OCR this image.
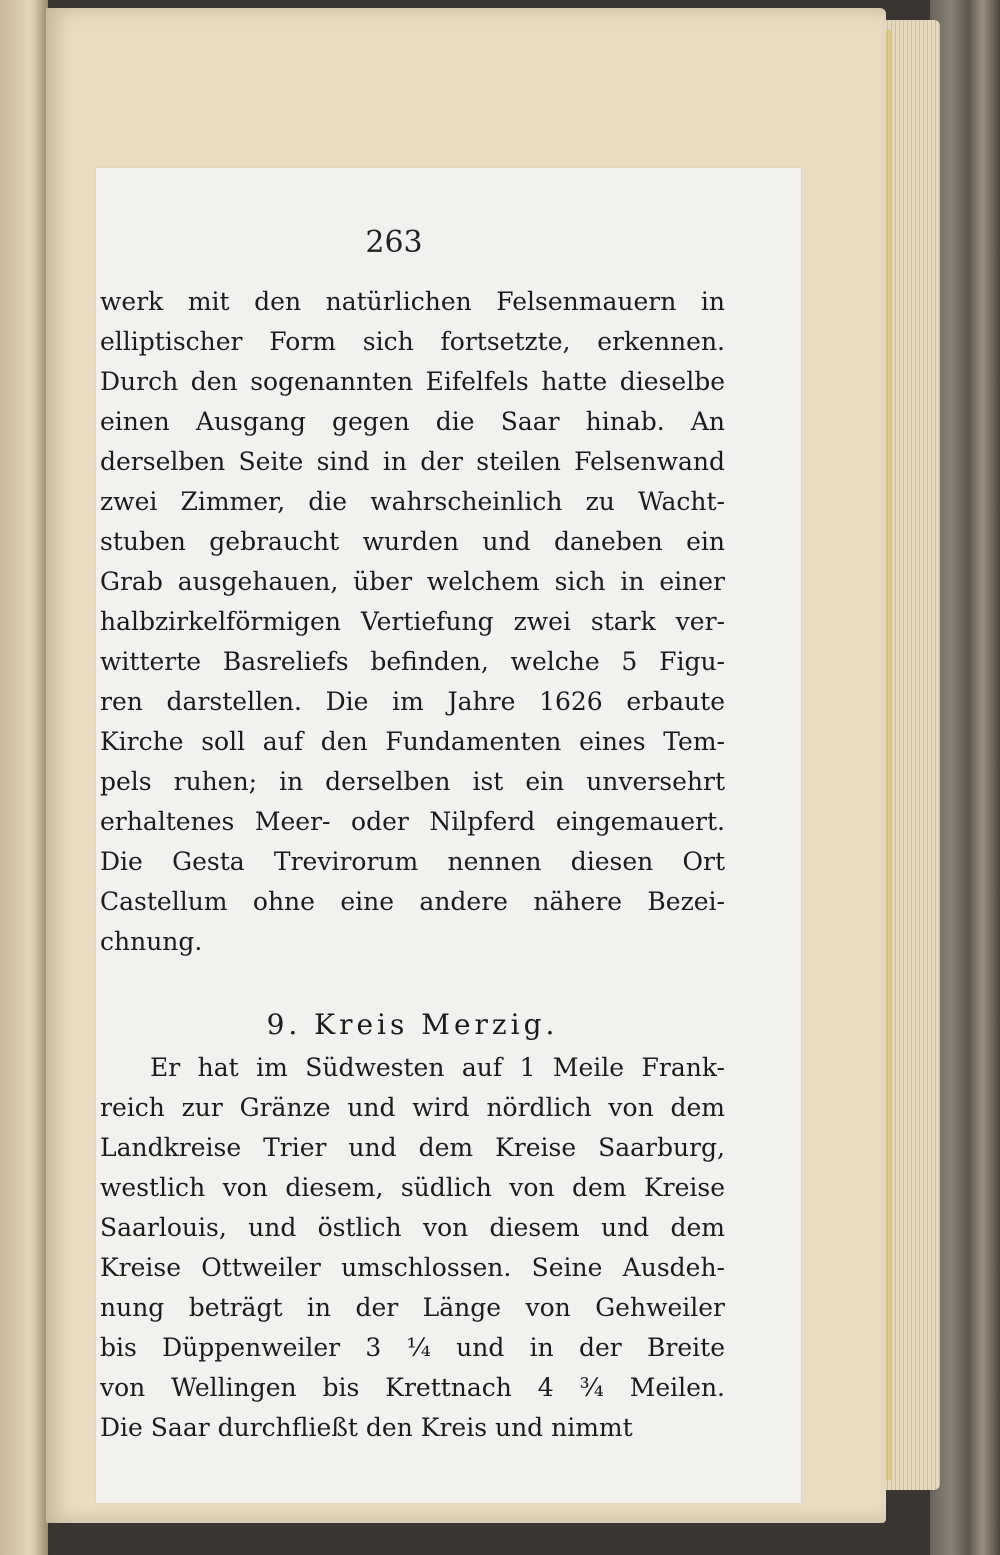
263
werk mit den natürlichen Felsenmauern in
elliptischer Form sich fortsetzte, erkennen.
Durch den sogenannten Eifelfels hatte dieselbe
einen Ausgang gegen die Saar hinab. An
derselben Seite sind in der steilen Felsenwand
zwei Zimmer, die wahrscheinlich zu Wacht-
stuben gebraucht wurden und daneben ein
Grab ausgehauen, über welchem sich in einer
halbzirkelförmigen Vertiefung zwei stark ver-
witterte Basreliefs befinden, welche 5 Figu-
ren darstellen. Die im Jahre 1626 erbaute
Kirche soll auf den Fundamenten eines Tem-
pels ruhen; in derselben ist ein unversehrt
erhaltenes Meer- oder Nilpferd eingemauert.
Die Gesta Trevirorum nennen diesen Ort
Castellum ohne eine andere nähere Bezei-
chnung.
9. Kreis Merzig.
Er hat im Südwesten auf 1 Meile Frank-
reich zur Gränze und wird nördlich von dem
Landkreise Trier und dem Kreise Saarburg,
westlich von diesem, südlich von dem Kreise
Saarlouis, und östlich von diesem und dem
Kreise Ottweiler umschlossen. Seine Ausdeh-
nung beträgt in der Länge von Gehweiler
bis Düppenweiler 3 ¼ und in der Breite
von Wellingen bis Krettnach 4 ¾ Meilen.
Die Saar durchfließt den Kreis und nimmt
